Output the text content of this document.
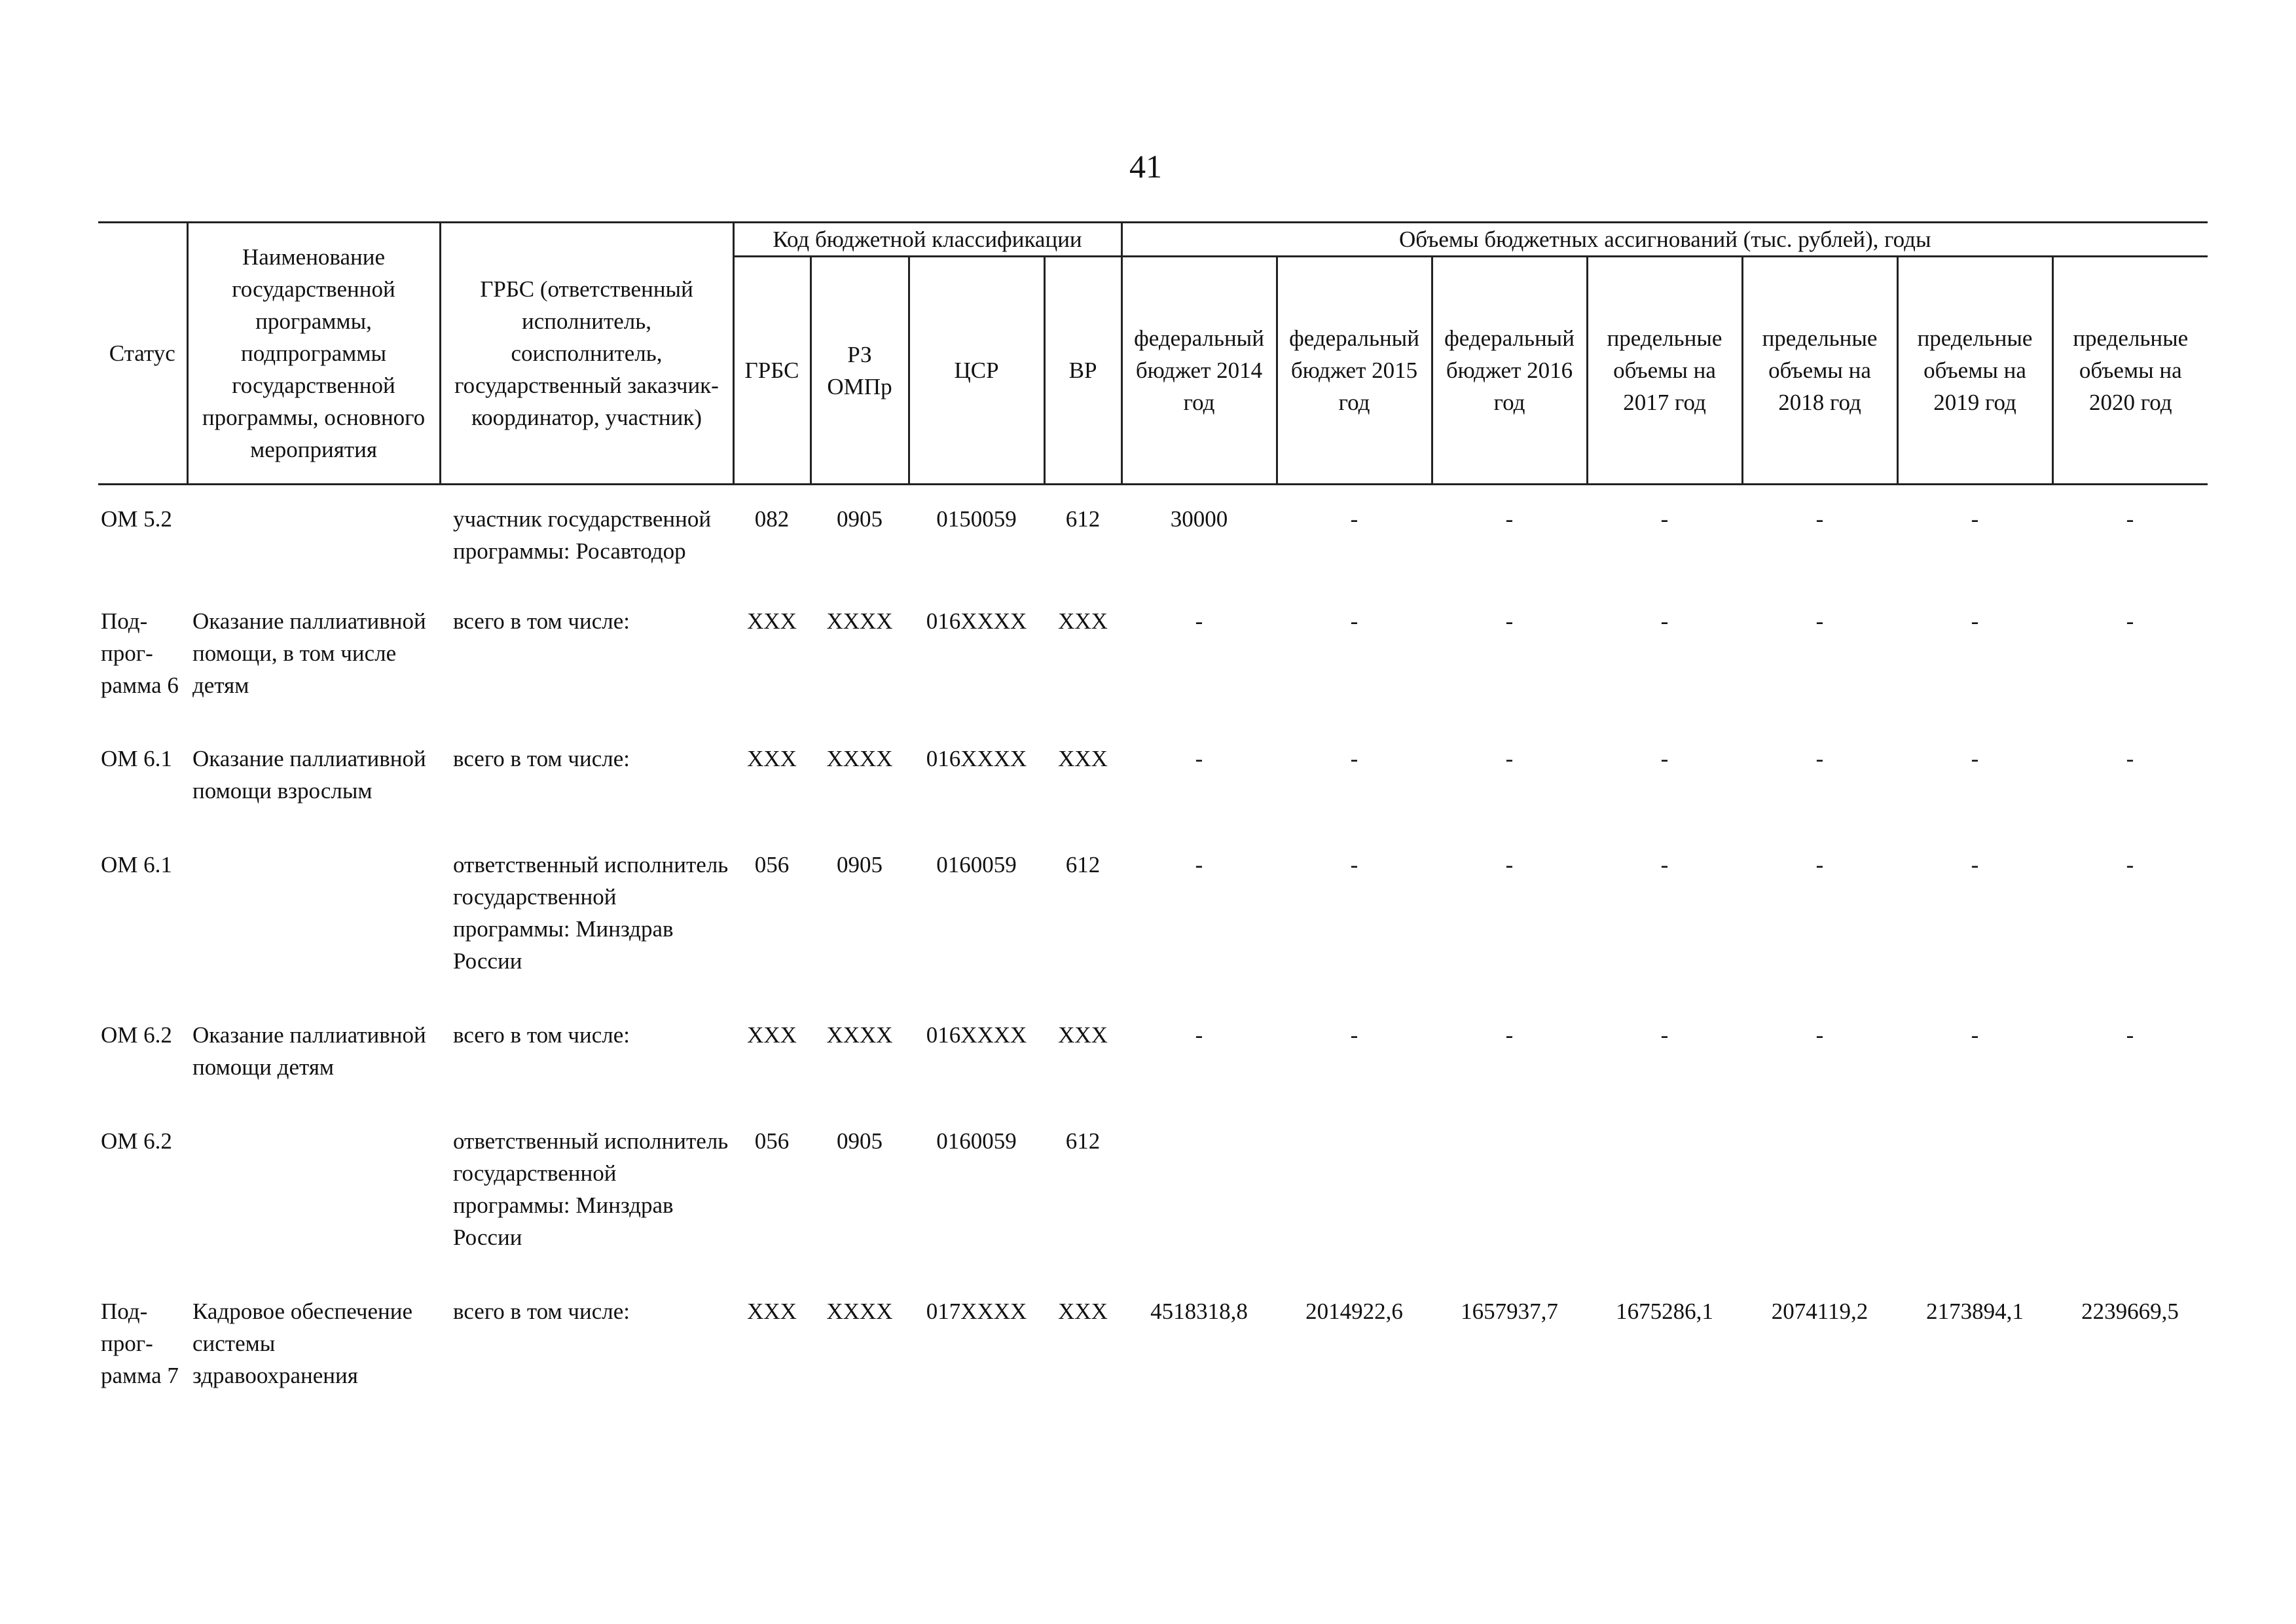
41
Статус	Наименование государственной программы, подпрограммы государственной программы, основного мероприятия	ГРБС (ответственный исполнитель, соисполнитель, государственный заказчик-координатор, участник)	Код бюджетной классификации				Объемы бюджетных ассигнований (тыс. рублей), годы						
			ГРБС	РЗ ОМПр	ЦСР	ВР	федеральный бюджет 2014 год	федеральный бюджет 2015 год	федеральный бюджет 2016 год	предельные объемы на 2017 год	предельные объемы на 2018 год	предельные объемы на 2019 год	предельные объемы на 2020 год
ОМ 5.2		участник государственной программы: Росавтодор	082	0905	0150059	612	30000	-	-	-	-	-	-
Под-прог-рамма 6	Оказание паллиативной помощи, в том числе детям	всего в том числе:	XXX	XXXX	016XXXX	XXX	-	-	-	-	-	-	-
ОМ 6.1	Оказание паллиативной помощи взрослым	всего в том числе:	XXX	XXXX	016XXXX	XXX	-	-	-	-	-	-	-
ОМ 6.1		ответственный исполнитель государственной программы: Минздрав России	056	0905	0160059	612	-	-	-	-	-	-	-
ОМ 6.2	Оказание паллиативной помощи детям	всего в том числе:	XXX	XXXX	016XXXX	XXX	-	-	-	-	-	-	-
ОМ 6.2		ответственный исполнитель государственной программы: Минздрав России	056	0905	0160059	612							
Под-прог-рамма 7	Кадровое обеспечение системы здравоохранения	всего в том числе:	XXX	XXXX	017XXXX	XXX	4518318,8	2014922,6	1657937,7	1675286,1	2074119,2	2173894,1	2239669,5
